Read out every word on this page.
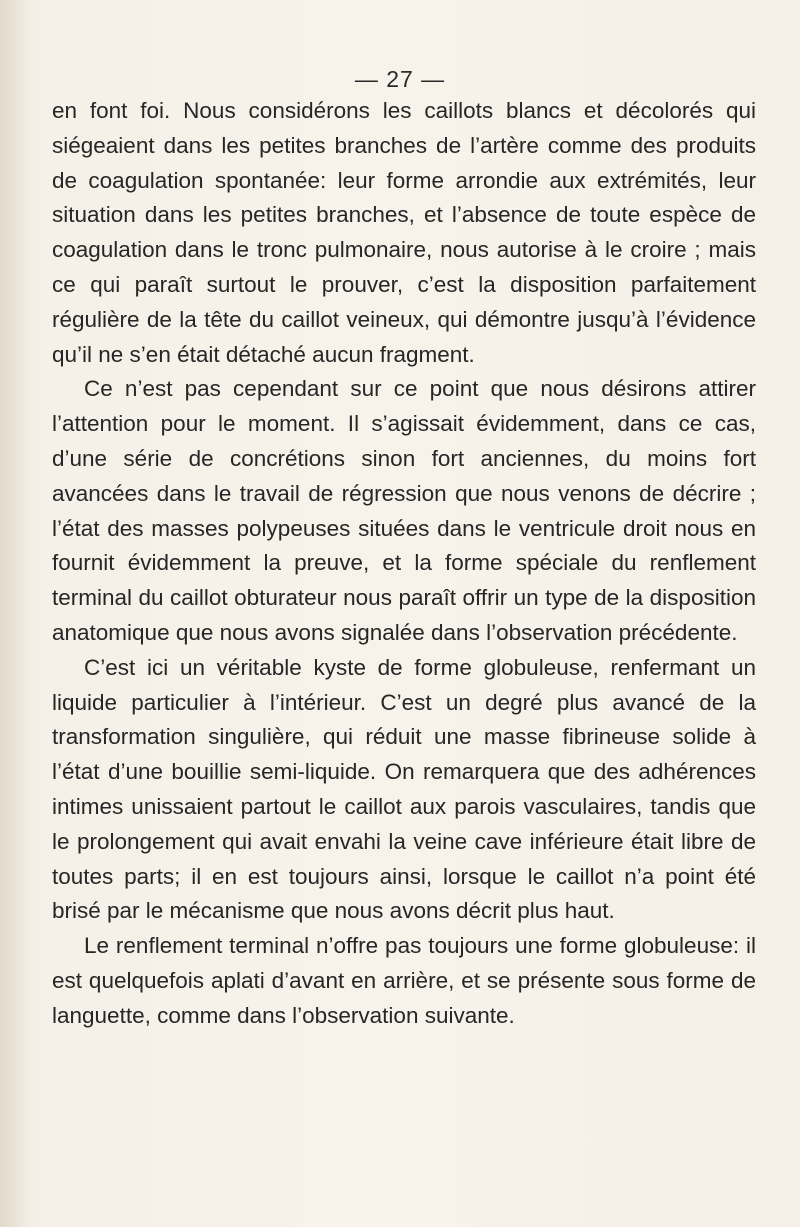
— 27 —

en font foi. Nous considérons les caillots blancs et décolorés qui siégeaient dans les petites branches de l’artère comme des produits de coagulation spontanée: leur forme arrondie aux extrémités, leur situation dans les petites branches, et l’absence de toute espèce de coagulation dans le tronc pulmonaire, nous autorise à le croire ; mais ce qui paraît surtout le prouver, c’est la disposition parfaitement régulière de la tête du caillot veineux, qui démontre jusqu’à l’évidence qu’il ne s’en était détaché aucun fragment.

Ce n’est pas cependant sur ce point que nous désirons attirer l’attention pour le moment. Il s’agissait évidemment, dans ce cas, d’une série de concrétions sinon fort anciennes, du moins fort avancées dans le travail de régression que nous venons de décrire ; l’état des masses polypeuses situées dans le ventricule droit nous en fournit évidemment la preuve, et la forme spéciale du renflement terminal du caillot obturateur nous paraît offrir un type de la disposition anatomique que nous avons signalée dans l’observation précédente.

C’est ici un véritable kyste de forme globuleuse, renfermant un liquide particulier à l’intérieur. C’est un degré plus avancé de la transformation singulière, qui réduit une masse fibrineuse solide à l’état d’une bouillie semi-liquide. On remarquera que des adhérences intimes unissaient partout le caillot aux parois vasculaires, tandis que le prolongement qui avait envahi la veine cave inférieure était libre de toutes parts; il en est toujours ainsi, lorsque le caillot n’a point été brisé par le mécanisme que nous avons décrit plus haut.

Le renflement terminal n’offre pas toujours une forme globuleuse: il est quelquefois aplati d’avant en arrière, et se présente sous forme de languette, comme dans l’observation suivante.
